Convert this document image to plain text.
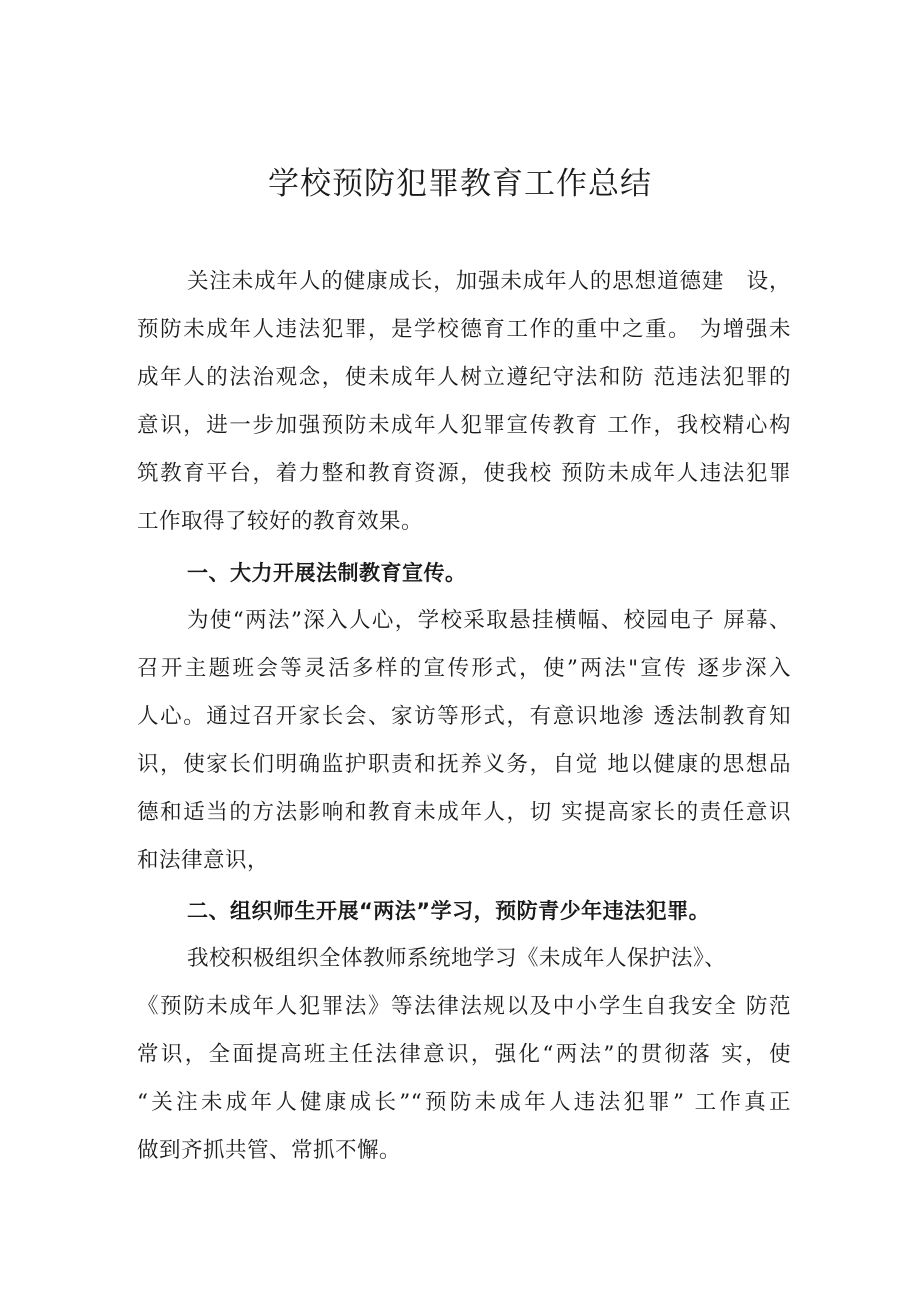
学校预防犯罪教育工作总结

关注未成年人的健康成长，加强未成年人的思想道德建　设，

预防未成年人违法犯罪，是学校德育工作的重中之重。 为增强未

成年人的法治观念，使未成年人树立遵纪守法和防 范违法犯罪的

意识，进一步加强预防未成年人犯罪宣传教育 工作，我校精心构

筑教育平台，着力整和教育资源，使我校 预防未成年人违法犯罪

工作取得了较好的教育效果。

一、大力开展法制教育宣传。

为使“两法”深入人心，学校采取悬挂横幅、校园电子 屏幕、

召开主题班会等灵活多样的宣传形式，使”两法"宣传 逐步深入

人心。通过召开家长会、家访等形式，有意识地渗 透法制教育知

识，使家长们明确监护职责和抚养义务，自觉 地以健康的思想品

德和适当的方法影响和教育未成年人，切 实提高家长的责任意识

和法律意识，

二、组织师生开展“两法”学习，预防青少年违法犯罪。

我校积极组织全体教师系统地学习《未成年人保护法》、

《预防未成年人犯罪法》等法律法规以及中小学生自我安全 防范

常识，全面提高班主任法律意识，强化“两法”的贯彻落 实，使

“关注未成年人健康成长”“预防未成年人违法犯罪” 工作真正

做到齐抓共管、常抓不懈。
